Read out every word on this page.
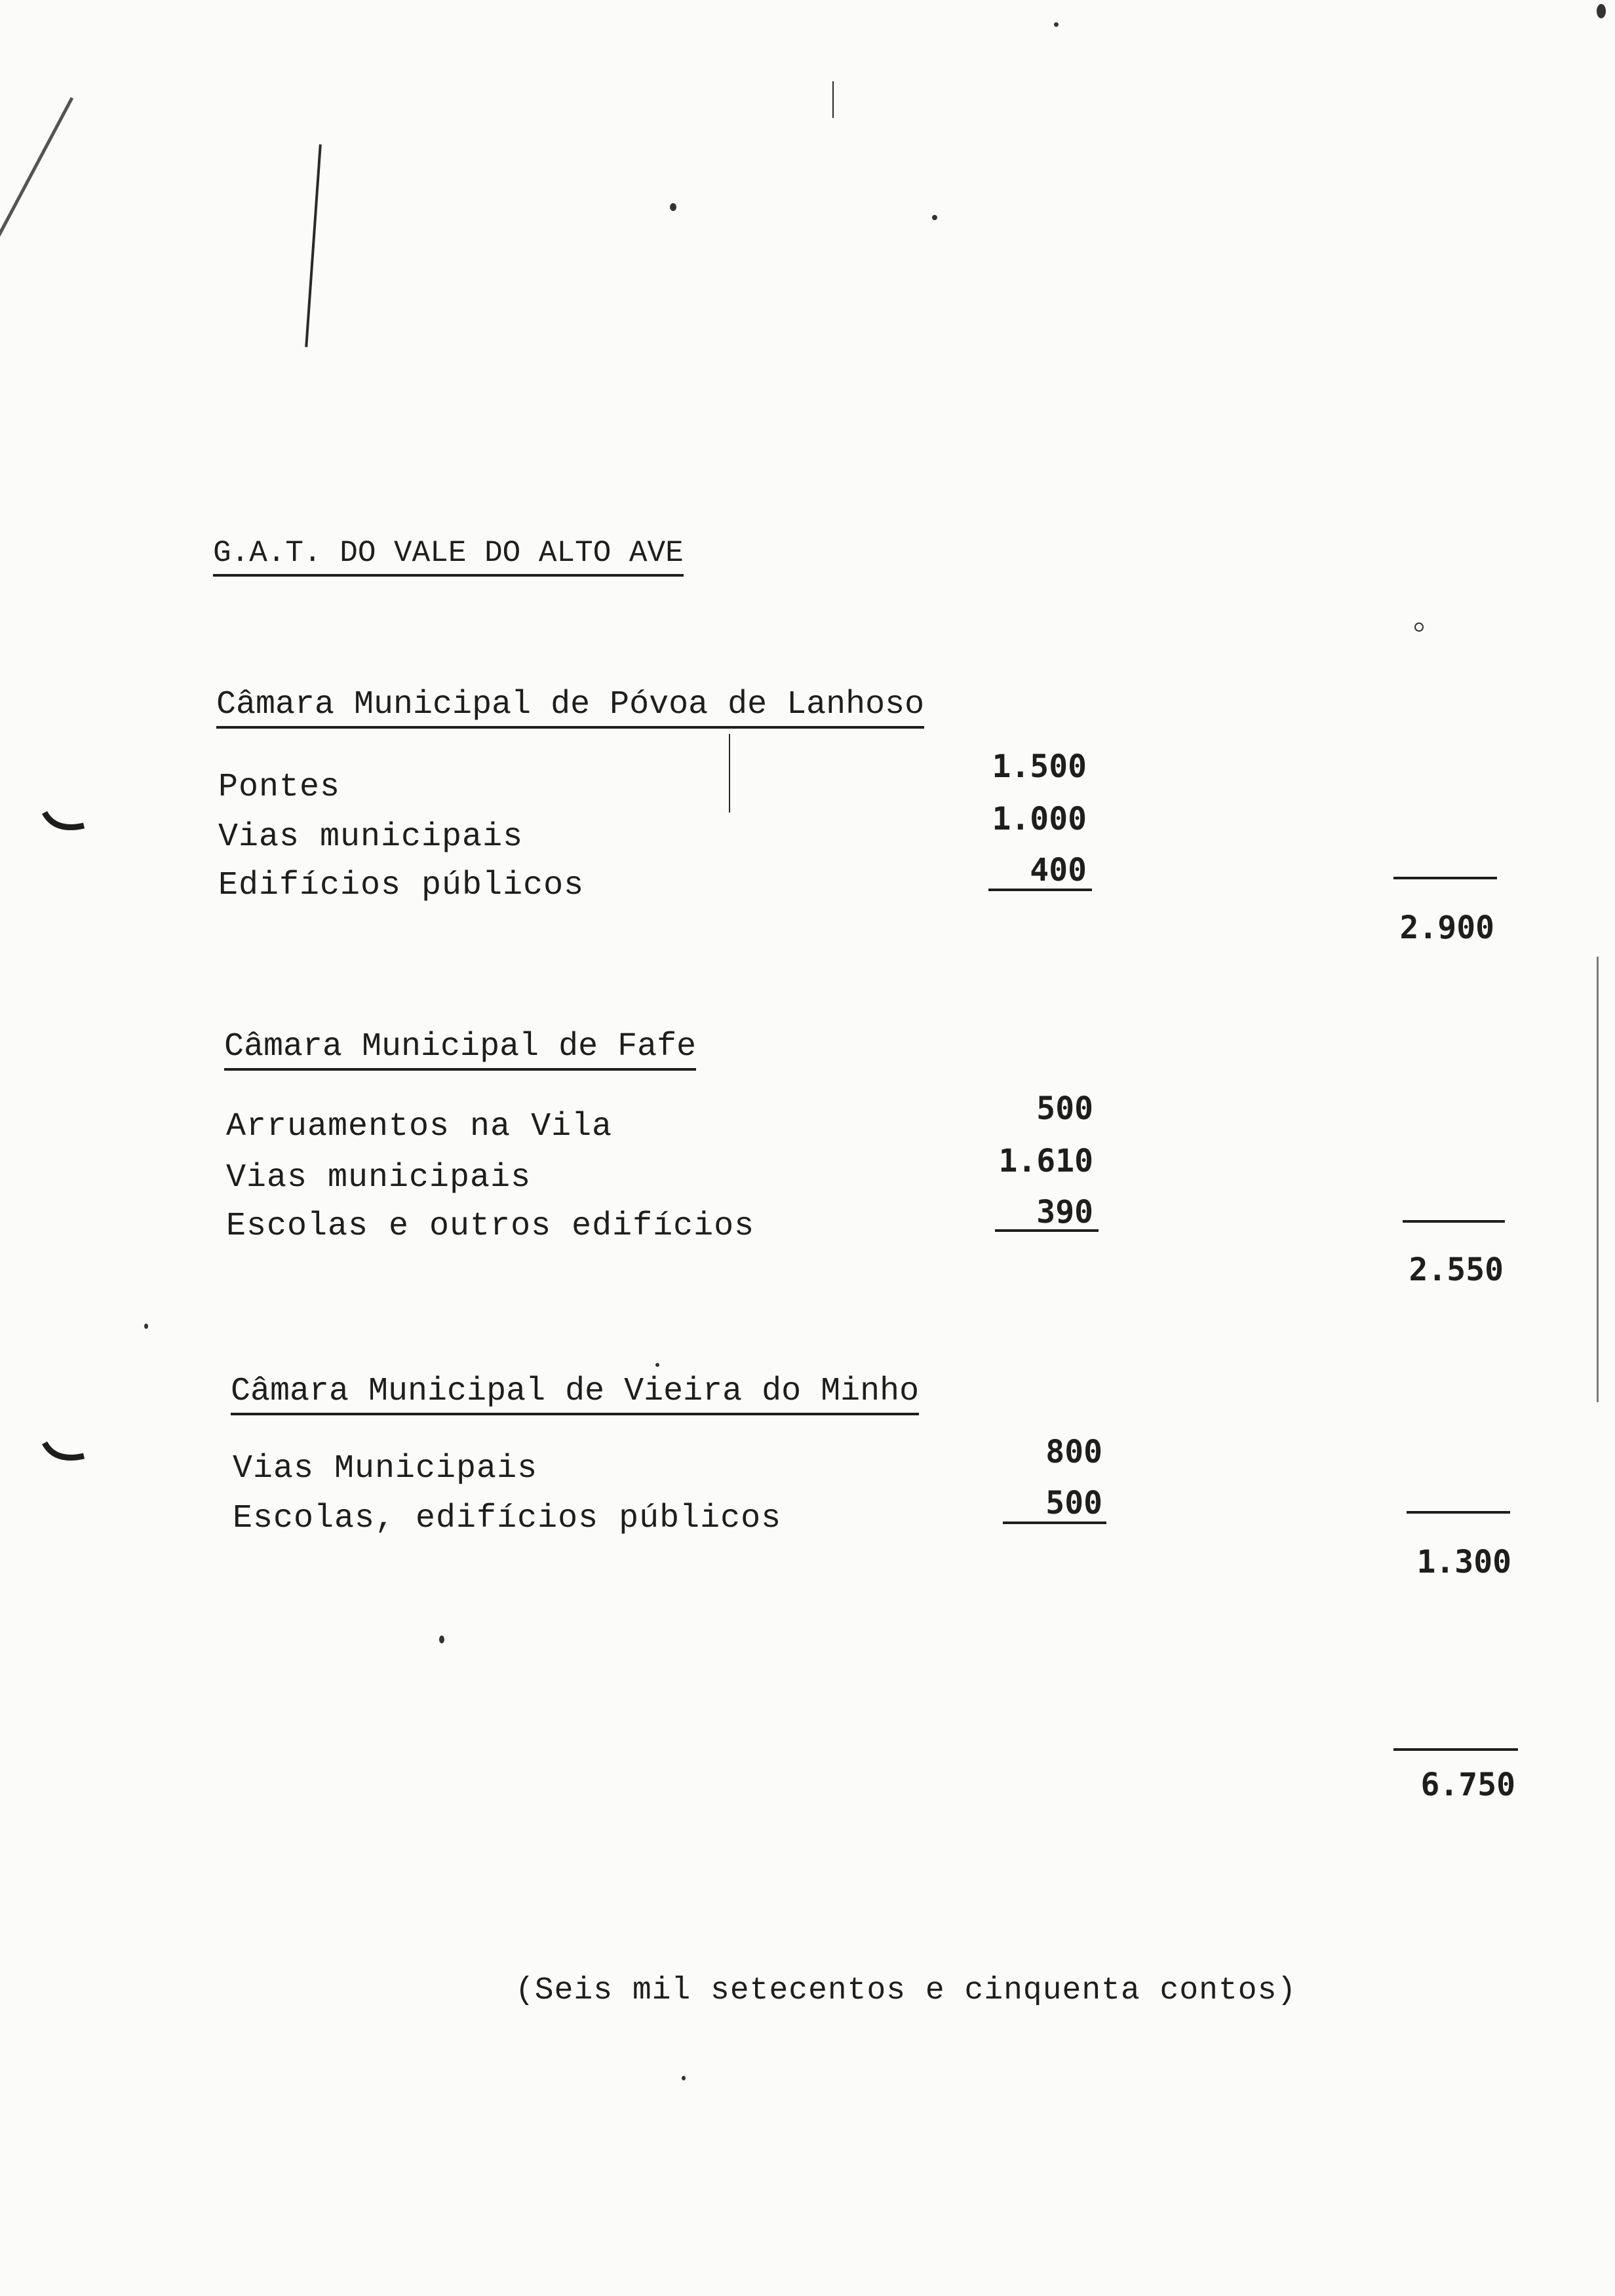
G.A.T. DO VALE DO ALTO AVE
Câmara Municipal de Póvoa de Lanhoso
Pontes
Vias municipais
Edifícios públicos
1.500
1.000
400
2.900
Câmara Municipal de Fafe
Arruamentos na Vila
Vias municipais
Escolas e outros edifícios
500
1.610
390
2.550
Câmara Municipal de Vieira do Minho
Vias Municipais
Escolas, edifícios públicos
800
500
1.300
6.750
(Seis mil setecentos e cinquenta contos)
